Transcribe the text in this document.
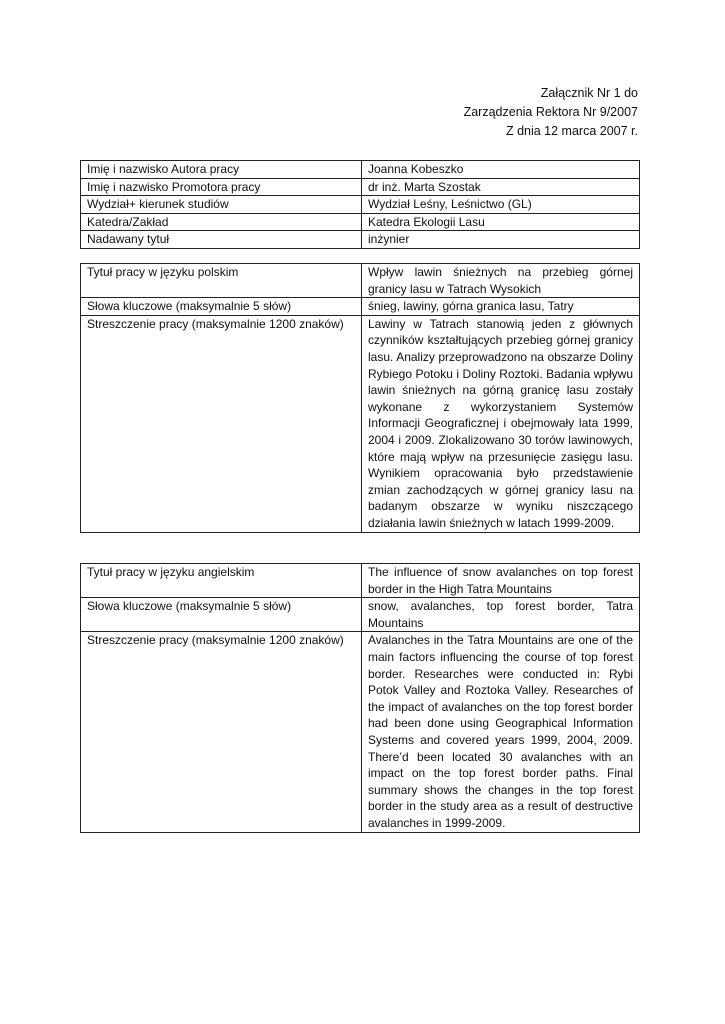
Załącznik Nr 1 do
Zarządzenia Rektora Nr 9/2007
Z dnia 12 marca 2007 r.
Imię i nazwisko Autora pracy	Joanna Kobeszko
Imię i nazwisko Promotora pracy	dr inż. Marta Szostak
Wydział+ kierunek studiów	Wydział Leśny, Leśnictwo (GL)
Katedra/Zakład	Katedra Ekologii Lasu
Nadawany tytuł	inżynier
Tytuł pracy w języku polskim	Wpływ lawin śnieżnych na przebieg górnej granicy lasu w Tatrach Wysokich
Słowa kluczowe (maksymalnie 5 słów)	śnieg, lawiny, górna granica lasu, Tatry
Streszczenie pracy (maksymalnie 1200 znaków)	Lawiny w Tatrach stanowią jeden z głównych czynników kształtujących przebieg górnej granicy lasu. Analizy przeprowadzono na obszarze Doliny Rybiego Potoku i Doliny Roztoki. Badania wpływu lawin śnieżnych na górną granicę lasu zostały wykonane z wykorzystaniem Systemów Informacji Geograficznej i obejmowały lata 1999, 2004 i 2009. Zlokalizowano 30 torów lawinowych, które mają wpływ na przesunięcie zasięgu lasu. Wynikiem opracowania było przedstawienie zmian zachodzących w górnej granicy lasu na badanym obszarze w wyniku niszczącego działania lawin śnieżnych w latach 1999-2009.
Tytuł pracy w języku angielskim	The influence of snow avalanches on top forest border in the High Tatra Mountains
Słowa kluczowe (maksymalnie 5 słów)	snow, avalanches, top forest border, Tatra Mountains
Streszczenie pracy (maksymalnie 1200 znaków)	Avalanches in the Tatra Mountains are one of the main factors influencing the course of top forest border. Researches were conducted in: Rybi Potok Valley and Roztoka Valley. Researches of the impact of avalanches on the top forest border had been done using Geographical Information Systems and covered years 1999, 2004, 2009. There’d been located 30 avalanches with an impact on the top forest border paths. Final summary shows the changes in the top forest border in the study area as a result of destructive avalanches in 1999-2009.
